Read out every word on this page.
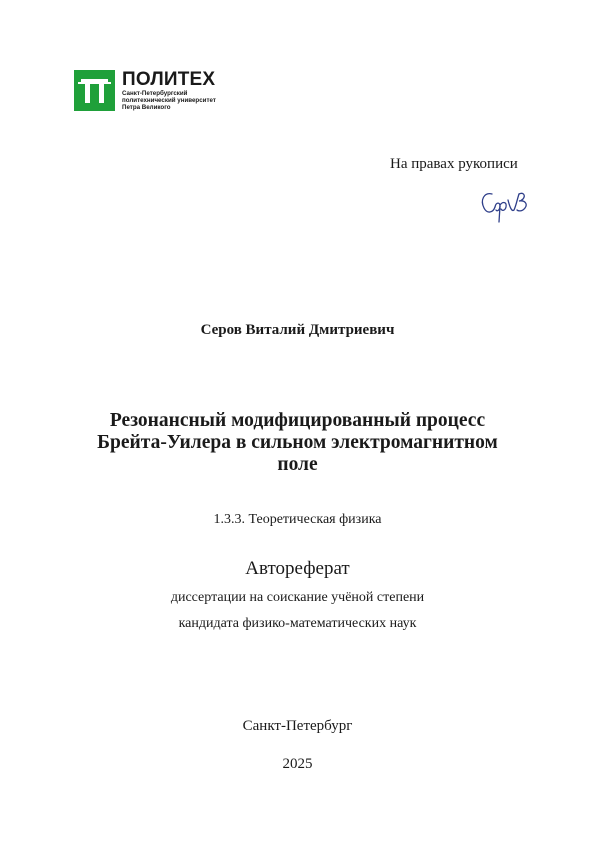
ПОЛИТЕХ
Санкт-Петербургский
политехнический университет
Петра Великого
На правах рукописи
Серов Виталий Дмитриевич
Резонансный модифицированный процесс
Брейта-Уилера в сильном электромагнитном
поле
1.3.3. Теоретическая физика
Автореферат
диссертации на соискание учёной степени
кандидата физико-математических наук
Санкт-Петербург
2025
